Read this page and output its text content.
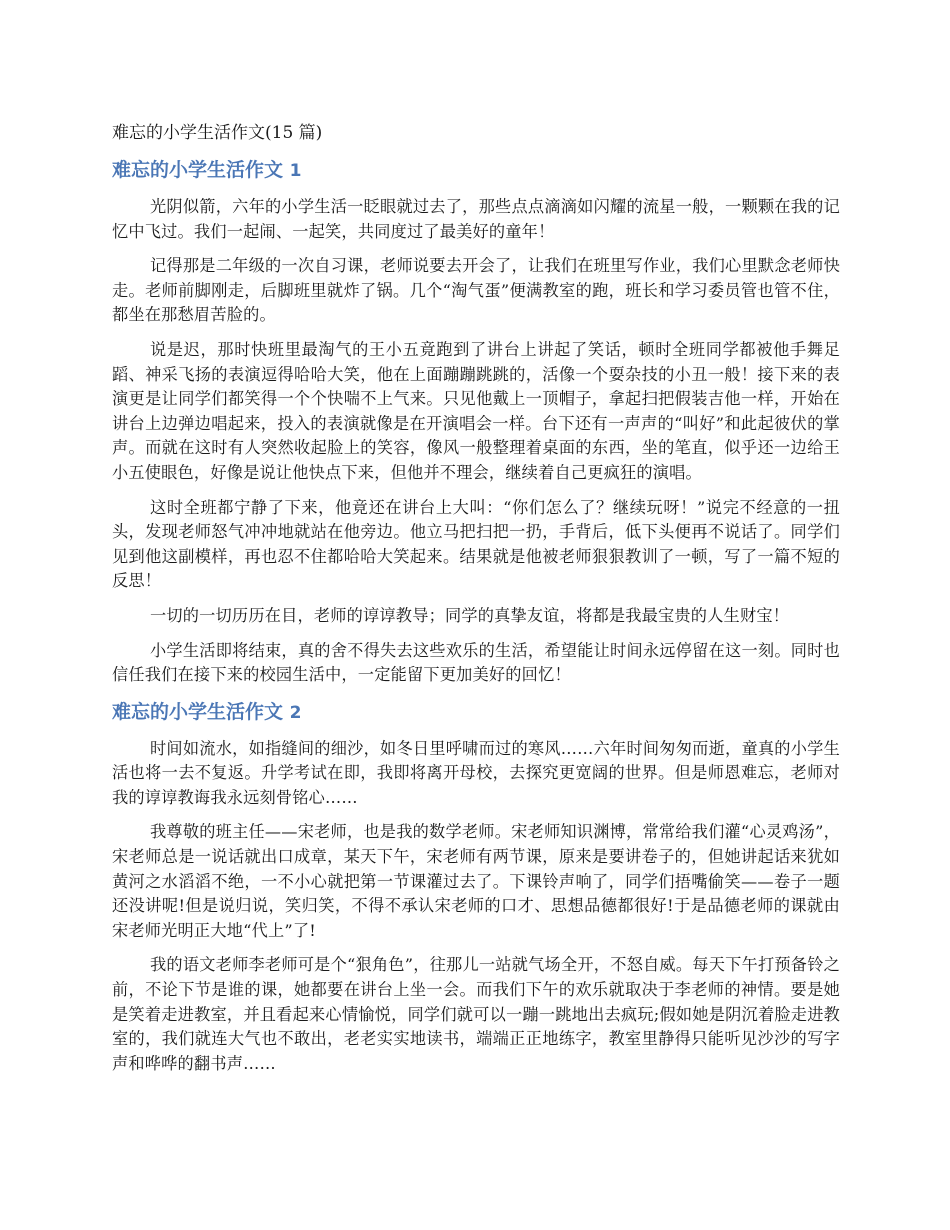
难忘的小学生活作文(15 篇)
难忘的小学生活作文 1

光阴似箭，六年的小学生活一眨眼就过去了，那些点点滴滴如闪耀的流星一般，一颗颗在我的记忆中飞过。我们一起闹、一起笑，共同度过了最美好的童年！

记得那是二年级的一次自习课，老师说要去开会了，让我们在班里写作业，我们心里默念老师快走。老师前脚刚走，后脚班里就炸了锅。几个“淘气蛋”便满教室的跑，班长和学习委员管也管不住，都坐在那愁眉苦脸的。

说是迟，那时快班里最淘气的王小五竟跑到了讲台上讲起了笑话，顿时全班同学都被他手舞足蹈、神采飞扬的表演逗得哈哈大笑，他在上面蹦蹦跳跳的，活像一个耍杂技的小丑一般！接下来的表演更是让同学们都笑得一个个快喘不上气来。只见他戴上一顶帽子，拿起扫把假装吉他一样，开始在讲台上边弹边唱起来，投入的表演就像是在开演唱会一样。台下还有一声声的“叫好”和此起彼伏的掌声。而就在这时有人突然收起脸上的笑容，像风一般整理着桌面的东西，坐的笔直，似乎还一边给王小五使眼色，好像是说让他快点下来，但他并不理会，继续着自己更疯狂的演唱。

这时全班都宁静了下来，他竟还在讲台上大叫：“你们怎么了？继续玩呀！”说完不经意的一扭头，发现老师怒气冲冲地就站在他旁边。他立马把扫把一扔，手背后，低下头便再不说话了。同学们见到他这副模样，再也忍不住都哈哈大笑起来。结果就是他被老师狠狠教训了一顿，写了一篇不短的反思！

一切的一切历历在目，老师的谆谆教导；同学的真挚友谊，将都是我最宝贵的人生财宝！

小学生活即将结束，真的舍不得失去这些欢乐的生活，希望能让时间永远停留在这一刻。同时也信任我们在接下来的校园生活中，一定能留下更加美好的回忆！

难忘的小学生活作文 2

时间如流水，如指缝间的细沙，如冬日里呼啸而过的寒风……六年时间匆匆而逝，童真的小学生活也将一去不复返。升学考试在即，我即将离开母校，去探究更宽阔的世界。但是师恩难忘，老师对我的谆谆教诲我永远刻骨铭心……

我尊敬的班主任——宋老师，也是我的数学老师。宋老师知识渊博，常常给我们灌“心灵鸡汤”，宋老师总是一说话就出口成章，某天下午，宋老师有两节课，原来是要讲卷子的，但她讲起话来犹如黄河之水滔滔不绝，一不小心就把第一节课灌过去了。下课铃声响了，同学们捂嘴偷笑——卷子一题还没讲呢!但是说归说，笑归笑，不得不承认宋老师的口才、思想品德都很好!于是品德老师的课就由宋老师光明正大地“代上”了!

我的语文老师李老师可是个“狠角色”，往那儿一站就气场全开，不怒自威。每天下午打预备铃之前，不论下节是谁的课，她都要在讲台上坐一会。而我们下午的欢乐就取决于李老师的神情。要是她是笑着走进教室，并且看起来心情愉悦，同学们就可以一蹦一跳地出去疯玩;假如她是阴沉着脸走进教室的，我们就连大气也不敢出，老老实实地读书，端端正正地练字，教室里静得只能听见沙沙的写字声和哗哗的翻书声……
